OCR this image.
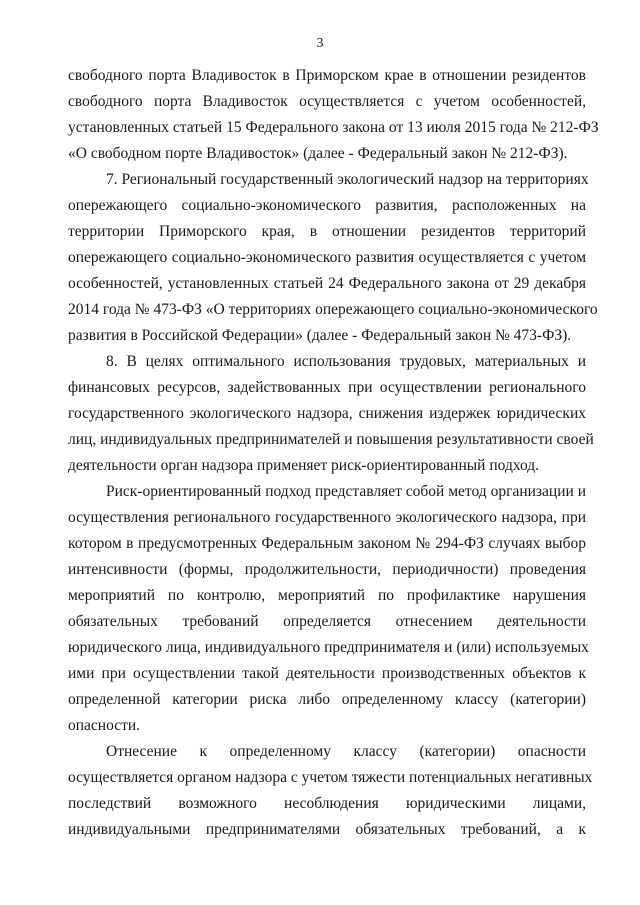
3
свободного порта Владивосток в Приморском крае в отношении резидентов
свободного порта Владивосток осуществляется с учетом особенностей,
установленных статьей 15 Федерального закона от 13 июля 2015 года № 212-ФЗ
«О свободном порте Владивосток» (далее - Федеральный закон № 212-ФЗ).
7. Региональный государственный экологический надзор на территориях
опережающего социально-экономического развития, расположенных на
территории Приморского края, в отношении резидентов территорий
опережающего социально-экономического развития осуществляется с учетом
особенностей, установленных статьей 24 Федерального закона от 29 декабря
2014 года № 473-ФЗ «О территориях опережающего социально-экономического
развития в Российской Федерации» (далее - Федеральный закон № 473-ФЗ).
8. В целях оптимального использования трудовых, материальных и
финансовых ресурсов, задействованных при осуществлении регионального
государственного экологического надзора, снижения издержек юридических
лиц, индивидуальных предпринимателей и повышения результативности своей
деятельности орган надзора применяет риск-ориентированный подход.
Риск-ориентированный подход представляет собой метод организации и
осуществления регионального государственного экологического надзора, при
котором в предусмотренных Федеральным законом № 294-ФЗ случаях выбор
интенсивности (формы, продолжительности, периодичности) проведения
мероприятий по контролю, мероприятий по профилактике нарушения
обязательных требований определяется отнесением деятельности
юридического лица, индивидуального предпринимателя и (или) используемых
ими при осуществлении такой деятельности производственных объектов к
определенной категории риска либо определенному классу (категории)
опасности.
Отнесение к определенному классу (категории) опасности
осуществляется органом надзора с учетом тяжести потенциальных негативных
последствий возможного несоблюдения юридическими лицами,
индивидуальными предпринимателями обязательных требований, а к
